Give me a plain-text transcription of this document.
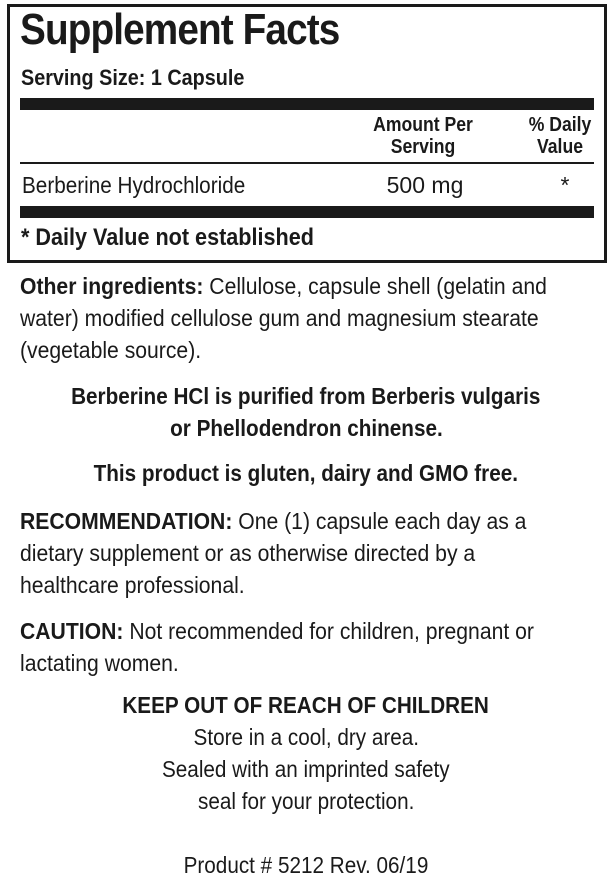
Supplement Facts
Serving Size: 1 Capsule
Amount Per
Serving
% Daily
Value
Berberine Hydrochloride	500 mg	*
* Daily Value not established
Other ingredients: Cellulose, capsule shell (gelatin and
water) modified cellulose gum and magnesium stearate
(vegetable source).
Berberine HCl is purified from Berberis vulgaris
or Phellodendron chinense.
This product is gluten, dairy and GMO free.
RECOMMENDATION: One (1) capsule each day as a
dietary supplement or as otherwise directed by a
healthcare professional.
CAUTION: Not recommended for children, pregnant or
lactating women.
KEEP OUT OF REACH OF CHILDREN
Store in a cool, dry area.
Sealed with an imprinted safety
seal for your protection.
Product # 5212 Rev. 06/19
